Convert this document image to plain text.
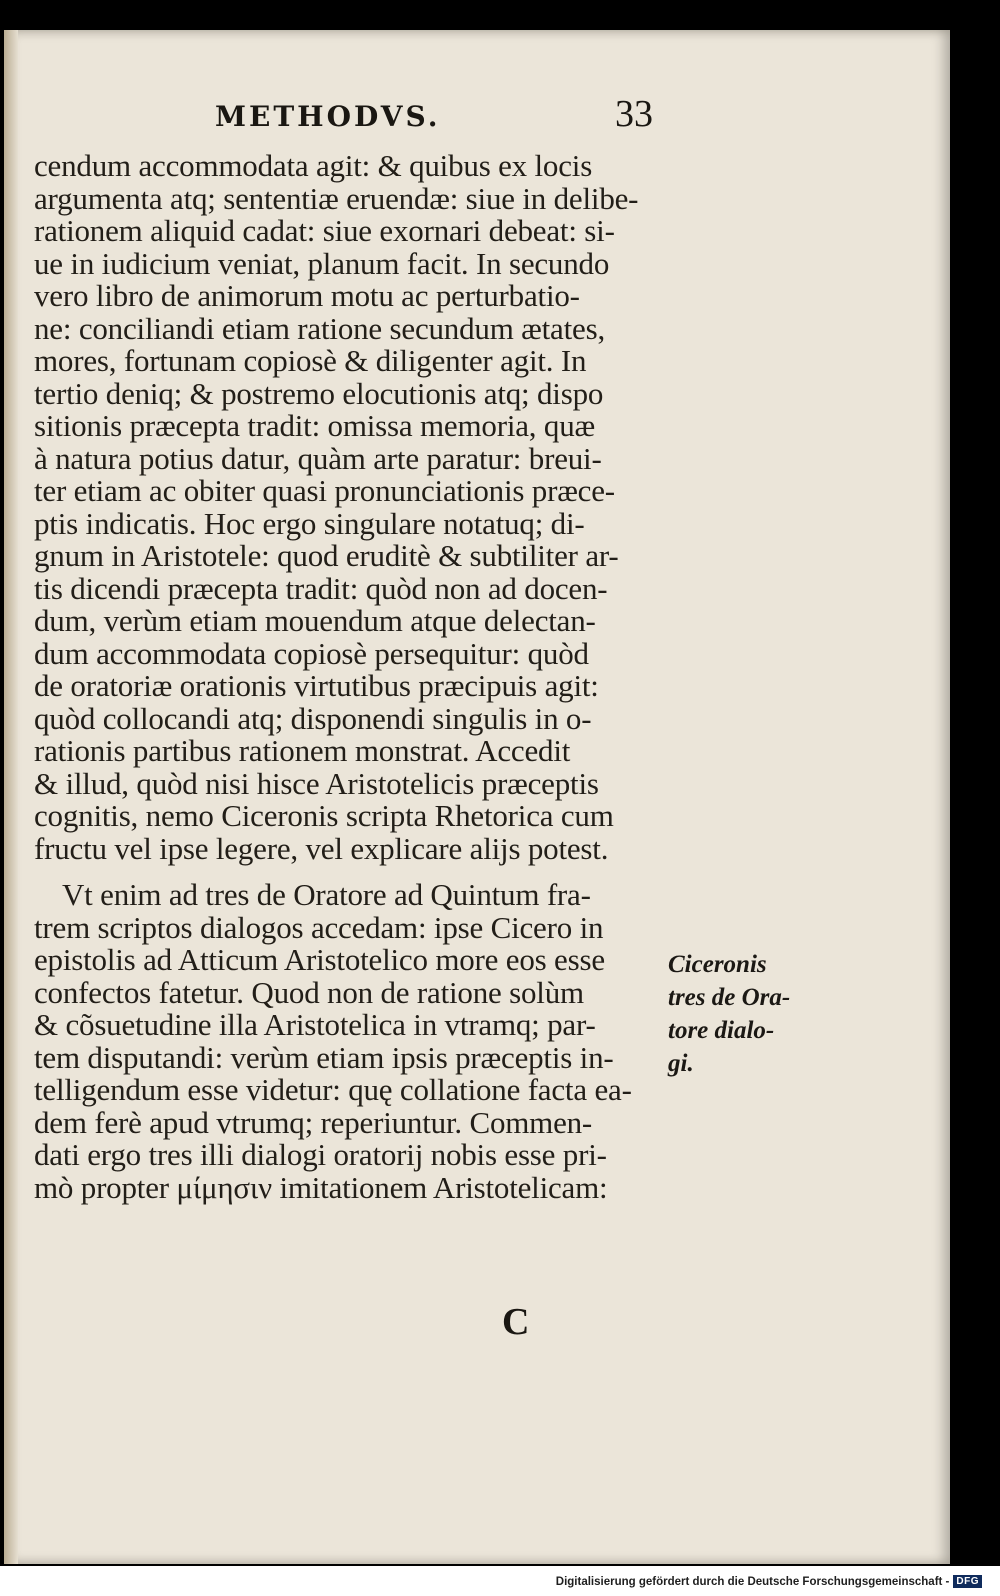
METHODVS.	33
cendum accommodata agit: & quibus ex locis
argumenta atq; sententiæ eruendæ: siue in delibe-
rationem aliquid cadat: siue exornari debeat: si-
ue in iudicium veniat, planum facit. In secundo
vero libro de animorum motu ac perturbatio-
ne: conciliandi etiam ratione secundum ætates,
mores, fortunam copiosè & diligenter agit. In
tertio deniq; & postremo elocutionis atq; dispo
sitionis præcepta tradit: omissa memoria, quæ
à natura potius datur, quàm arte paratur: breui-
ter etiam ac obiter quasi pronunciationis præce-
ptis indicatis. Hoc ergo singulare notatuq; di-
gnum in Aristotele: quod eruditè & subtiliter ar-
tis dicendi præcepta tradit: quòd non ad docen-
dum, verùm etiam mouendum atque delectan-
dum accommodata copiosè persequitur: quòd
de oratoriæ orationis virtutibus præcipuis agit:
quòd collocandi atq; disponendi singulis in o-
rationis partibus rationem monstrat. Accedit
& illud, quòd nisi hisce Aristotelicis præceptis
cognitis, nemo Ciceronis scripta Rhetorica cum
fructu vel ipse legere, vel explicare alijs potest.
Vt enim ad tres de Oratore ad Quintum fra-
trem scriptos dialogos accedam: ipse Cicero in
epistolis ad Atticum Aristotelico more eos esse
confectos fatetur. Quod non de ratione solùm
& cõsuetudine illa Aristotelica in vtramq; par-
tem disputandi: verùm etiam ipsis præceptis in-
telligendum esse videtur: quę collatione facta ea-
dem ferè apud vtrumq; reperiuntur. Commen-
dati ergo tres illi dialogi oratorij nobis esse pri-
mò propter μίμησιν imitationem Aristotelicam:
Ciceronis
tres de Ora-
tore dialo-
gi.
C
Digitalisierung gefördert durch die Deutsche Forschungsgemeinschaft - DFG
